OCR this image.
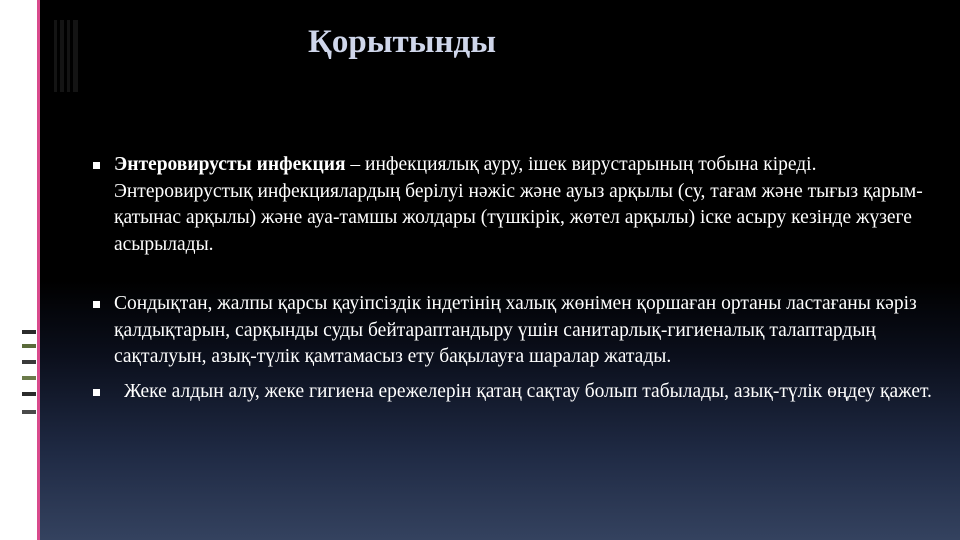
Қорытынды
Энтеровирусты инфекция – инфекциялық ауру, ішек вирустарының тобына кіреді. Энтеровирустық инфекциялардың берілуі нәжіс және ауыз арқылы (су, тағам және тығыз қарым-қатынас арқылы) және ауа-тамшы жолдары (түшкірік, жөтел арқылы) іске асыру кезінде жүзеге асырылады.
Сондықтан, жалпы қарсы қауіпсіздік індетінің халық жөнімен қоршаған ортаны ластағаны кәріз қалдықтарын, сарқынды суды бейтараптандыру үшін санитарлық-гигиеналық талаптардың сақталуын, азық-түлік қамтамасыз ету бақылауға шаралар жатады.
Жеке алдын алу, жеке гигиена ережелерін қатаң сақтау болып табылады, азық-түлік өңдеу қажет.
